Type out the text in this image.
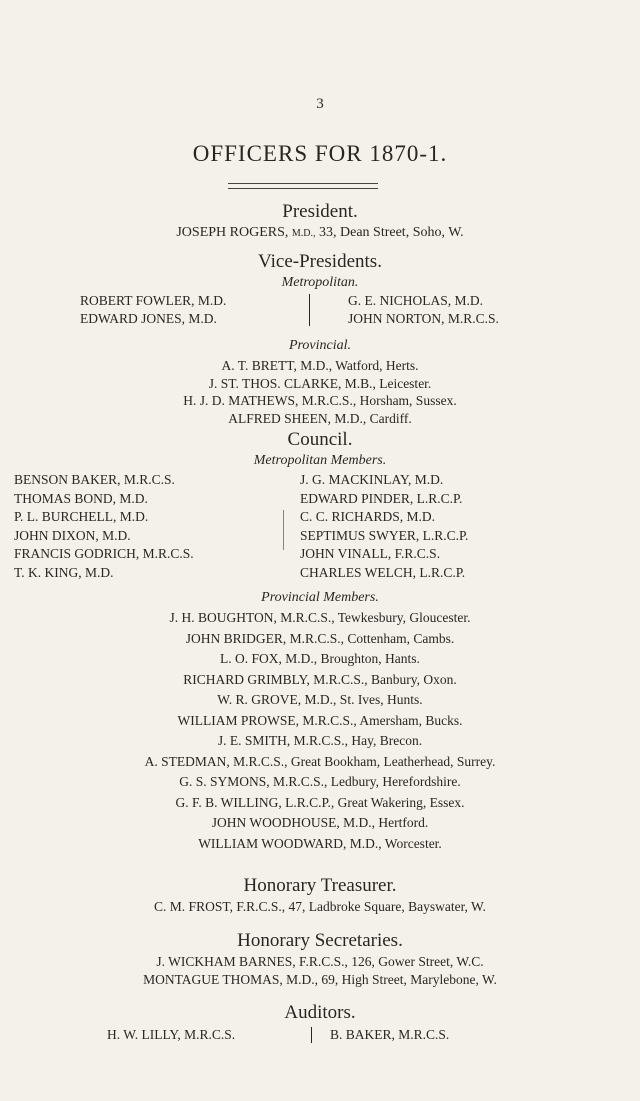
3
OFFICERS FOR 1870-1.
President.
JOSEPH ROGERS, M.D., 33, Dean Street, Soho, W.
Vice-Presidents.
Metropolitan.
ROBERT FOWLER, M.D.
EDWARD JONES, M.D.
G. E. NICHOLAS, M.D.
JOHN NORTON, M.R.C.S.
Provincial.
A. T. BRETT, M.D., Watford, Herts.
J. ST. THOS. CLARKE, M.B., Leicester.
H. J. D. MATHEWS, M.R.C.S., Horsham, Sussex.
ALFRED SHEEN, M.D., Cardiff.
Council.
Metropolitan Members.
BENSON BAKER, M.R.C.S.
THOMAS BOND, M.D.
P. L. BURCHELL, M.D.
JOHN DIXON, M.D.
FRANCIS GODRICH, M.R.C.S.
T. K. KING, M.D.
J. G. MACKINLAY, M.D.
EDWARD PINDER, L.R.C.P.
C. C. RICHARDS, M.D.
SEPTIMUS SWYER, L.R.C.P.
JOHN VINALL, F.R.C.S.
CHARLES WELCH, L.R.C.P.
Provincial Members.
J. H. BOUGHTON, M.R.C.S., Tewkesbury, Gloucester.
JOHN BRIDGER, M.R.C.S., Cottenham, Cambs.
L. O. FOX, M.D., Broughton, Hants.
RICHARD GRIMBLY, M.R.C.S., Banbury, Oxon.
W. R. GROVE, M.D., St. Ives, Hunts.
WILLIAM PROWSE, M.R.C.S., Amersham, Bucks.
J. E. SMITH, M.R.C.S., Hay, Brecon.
A. STEDMAN, M.R.C.S., Great Bookham, Leatherhead, Surrey.
G. S. SYMONS, M.R.C.S., Ledbury, Herefordshire.
G. F. B. WILLING, L.R.C.P., Great Wakering, Essex.
JOHN WOODHOUSE, M.D., Hertford.
WILLIAM WOODWARD, M.D., Worcester.
Honorary Treasurer.
C. M. FROST, F.R.C.S., 47, Ladbroke Square, Bayswater, W.
Honorary Secretaries.
J. WICKHAM BARNES, F.R.C.S., 126, Gower Street, W.C.
MONTAGUE THOMAS, M.D., 69, High Street, Marylebone, W.
Auditors.
H. W. LILLY, M.R.C.S.	B. BAKER, M.R.C.S.
